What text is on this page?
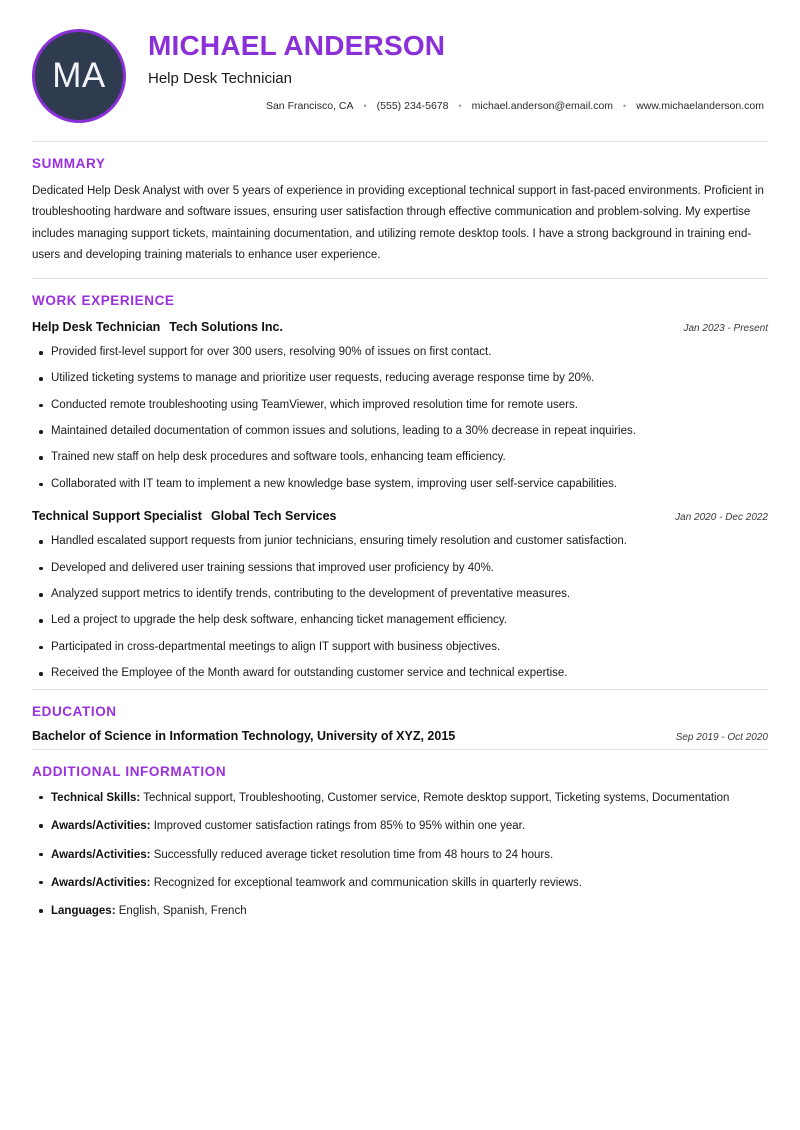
MA
MICHAEL ANDERSON
Help Desk Technician
San Francisco, CA	• (555) 234-5678	• michael.anderson@email.com	• www.michaelanderson.com
SUMMARY

Dedicated Help Desk Analyst with over 5 years of experience in providing exceptional technical support in fast-paced environments. Proficient in troubleshooting hardware and software issues, ensuring user satisfaction through effective communication and problem-solving. My expertise includes managing support tickets, maintaining documentation, and utilizing remote desktop tools. I have a strong background in training end-users and developing training materials to enhance user experience.

WORK EXPERIENCE
Help Desk Technician Tech Solutions Inc.	Jan 2023 - Present
Provided first-level support for over 300 users, resolving 90% of issues on first contact.
Utilized ticketing systems to manage and prioritize user requests, reducing average response time by 20%.
Conducted remote troubleshooting using TeamViewer, which improved resolution time for remote users.
Maintained detailed documentation of common issues and solutions, leading to a 30% decrease in repeat inquiries.
Trained new staff on help desk procedures and software tools, enhancing team efficiency.
Collaborated with IT team to implement a new knowledge base system, improving user self-service capabilities.
Technical Support Specialist Global Tech Services	Jan 2020 - Dec 2022
Handled escalated support requests from junior technicians, ensuring timely resolution and customer satisfaction.
Developed and delivered user training sessions that improved user proficiency by 40%.
Analyzed support metrics to identify trends, contributing to the development of preventative measures.
Led a project to upgrade the help desk software, enhancing ticket management efficiency.
Participated in cross-departmental meetings to align IT support with business objectives.
Received the Employee of the Month award for outstanding customer service and technical expertise.
EDUCATION
Bachelor of Science in Information Technology, University of XYZ, 2015	Sep 2019 - Oct 2020
ADDITIONAL INFORMATION
Technical Skills: Technical support, Troubleshooting, Customer service, Remote desktop support, Ticketing systems, Documentation
Awards/Activities: Improved customer satisfaction ratings from 85% to 95% within one year.
Awards/Activities: Successfully reduced average ticket resolution time from 48 hours to 24 hours.
Awards/Activities: Recognized for exceptional teamwork and communication skills in quarterly reviews.
Languages: English, Spanish, French
